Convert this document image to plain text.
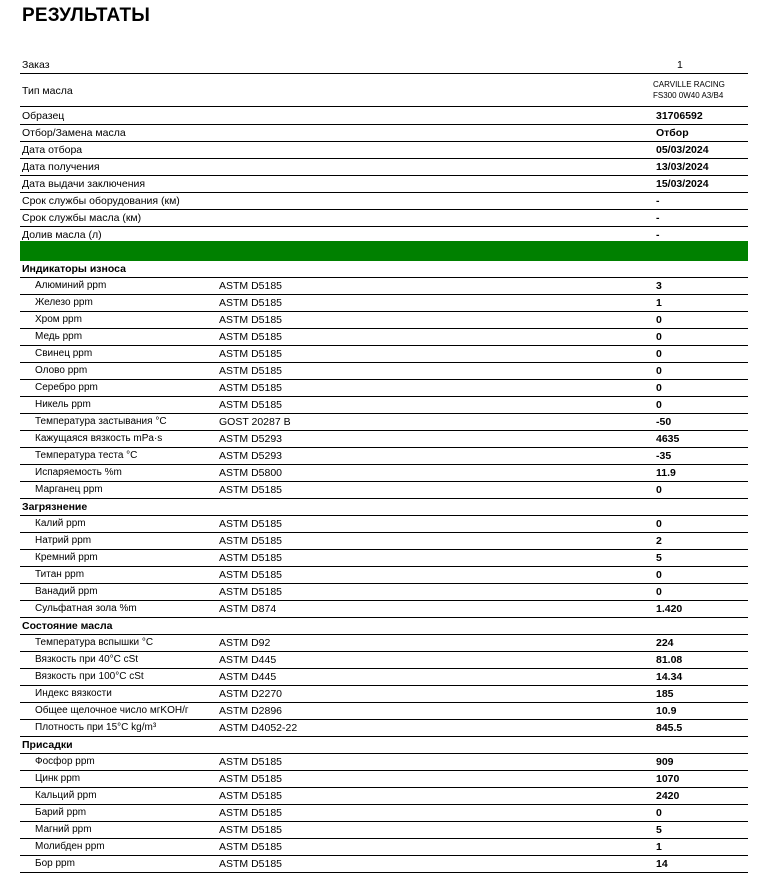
РЕЗУЛЬТАТЫ
Заказ	1
Тип масла
CARVILLE RACING
FS300 0W40 A3/B4
Образец	31706592
Отбор/Замена масла	Отбор
Дата отбора	05/03/2024
Дата получения	13/03/2024
Дата выдачи заключения	15/03/2024
Срок службы оборудования (км)	-
Срок службы масла (км)	-
Долив масла (л)	-
Индикаторы износа
Алюминий ppm	ASTM D5185	3
Железо ppm	ASTM D5185	1
Хром ppm	ASTM D5185	0
Медь ppm	ASTM D5185	0
Свинец ppm	ASTM D5185	0
Олово ppm	ASTM D5185	0
Серебро ppm	ASTM D5185	0
Никель ppm	ASTM D5185	0
Температура застывания °С	GOST 20287 B	-50
Кажущаяся вязкость mPa·s	ASTM D5293	4635
Температура теста °C	ASTM D5293	-35
Испаряемость %m	ASTM D5800	11.9
Марганец ppm	ASTM D5185	0
Загрязнение
Калий ppm	ASTM D5185	0
Натрий ppm	ASTM D5185	2
Кремний ppm	ASTM D5185	5
Титан ppm	ASTM D5185	0
Ванадий ppm	ASTM D5185	0
Сульфатная зола %m	ASTM D874	1.420
Состояние масла
Температура вспышки °C	ASTM D92	224
Вязкость при 40°C cSt	ASTM D445	81.08
Вязкость при 100°C cSt	ASTM D445	14.34
Индекс вязкости	ASTM D2270	185
Общее щелочное число мгKOH/г	ASTM D2896	10.9
Плотность при 15°C kg/m³	ASTM D4052-22	845.5
Присадки
Фосфор ppm	ASTM D5185	909
Цинк ppm	ASTM D5185	1070
Кальций ppm	ASTM D5185	2420
Барий ppm	ASTM D5185	0
Магний ppm	ASTM D5185	5
Молибден ppm	ASTM D5185	1
Бор ppm	ASTM D5185	14
